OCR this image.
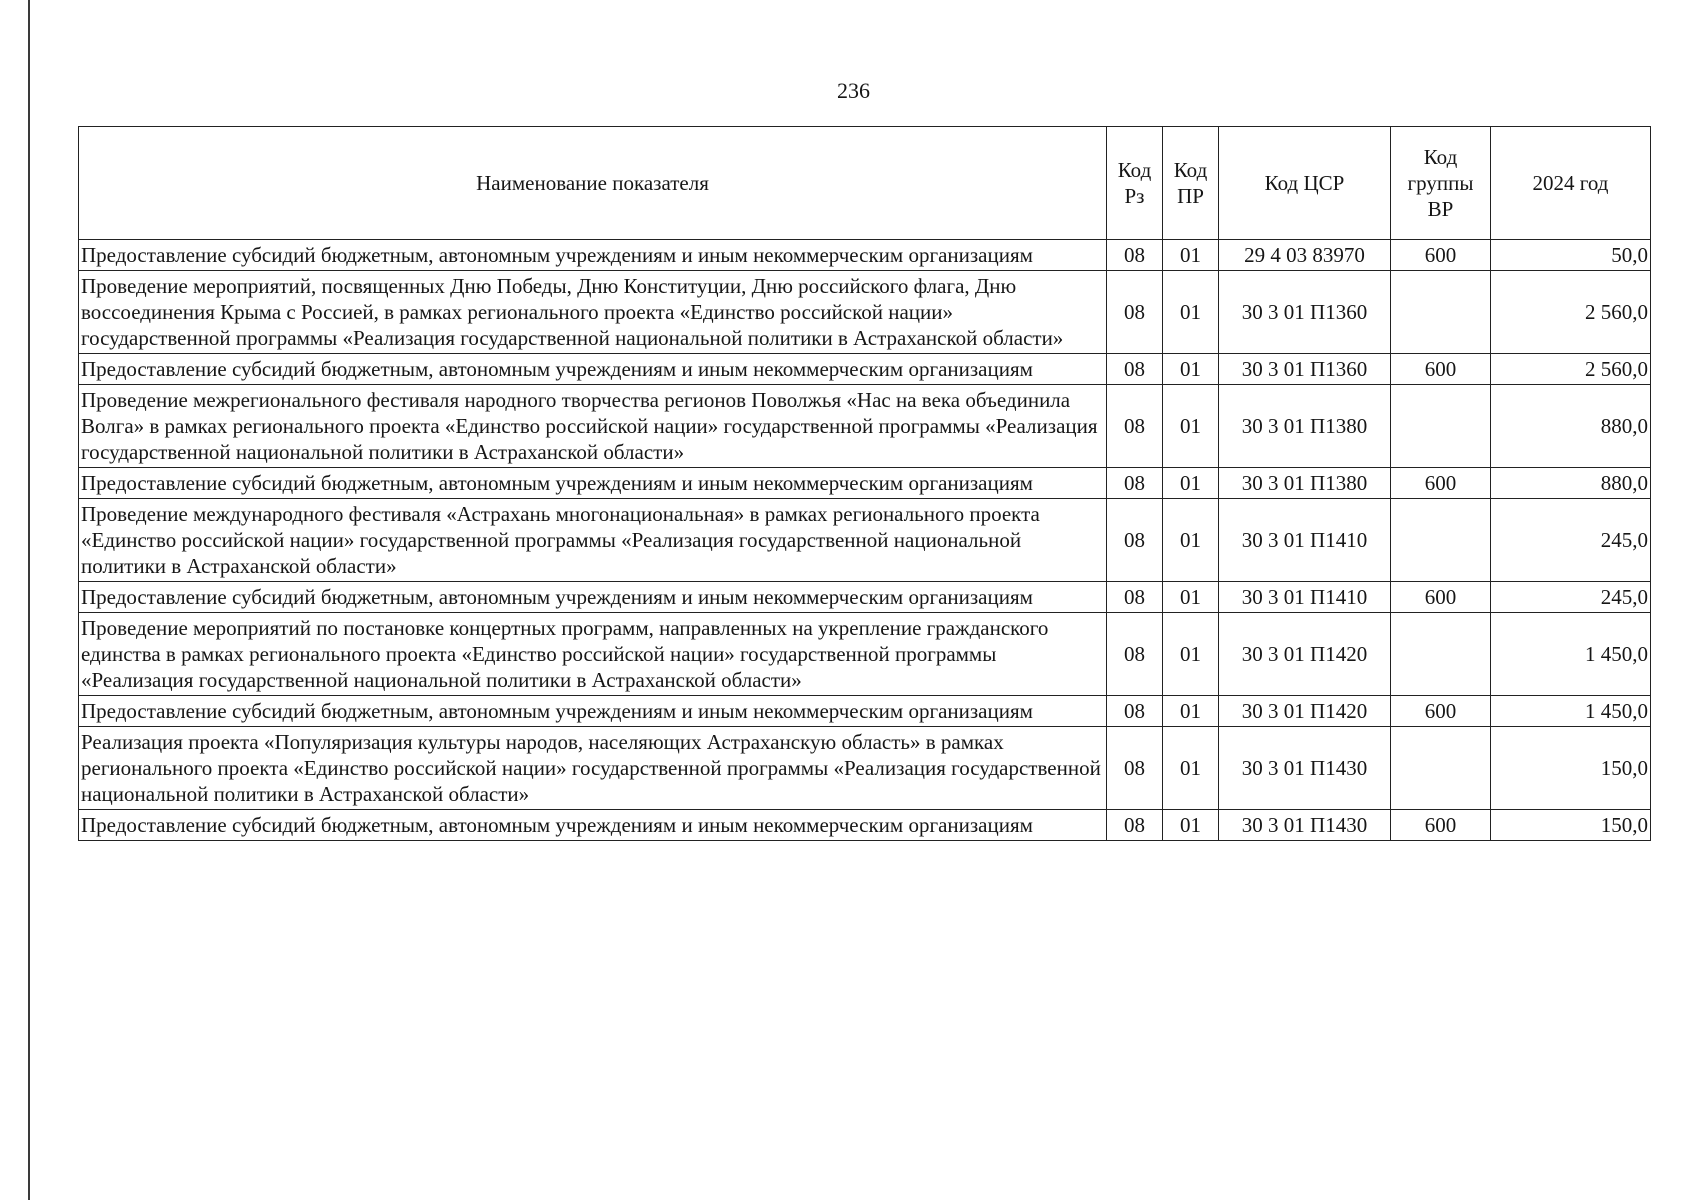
236
Наименование показателя	Код Рз	Код ПР	Код ЦСР	Код группы ВР	2024 год
Предоставление субсидий бюджетным, автономным учреждениям и иным некоммерческим организациям	08	01	29 4 03 83970	600	50,0
Проведение мероприятий, посвященных Дню Победы, Дню Конституции, Дню российского флага, Дню воссоединения Крыма с Россией, в рамках регионального проекта «Единство российской нации» государственной программы «Реализация государственной национальной политики в Астраханской области»	08	01	30 3 01 П1360		2 560,0
Предоставление субсидий бюджетным, автономным учреждениям и иным некоммерческим организациям	08	01	30 3 01 П1360	600	2 560,0
Проведение межрегионального фестиваля народного творчества регионов Поволжья «Нас на века объединила Волга» в рамках регионального проекта «Единство российской нации» государственной программы «Реализация государственной национальной политики в Астраханской области»	08	01	30 3 01 П1380		880,0
Предоставление субсидий бюджетным, автономным учреждениям и иным некоммерческим организациям	08	01	30 3 01 П1380	600	880,0
Проведение международного фестиваля «Астрахань многонациональная» в рамках регионального проекта «Единство российской нации» государственной программы «Реализация государственной национальной политики в Астраханской области»	08	01	30 3 01 П1410		245,0
Предоставление субсидий бюджетным, автономным учреждениям и иным некоммерческим организациям	08	01	30 3 01 П1410	600	245,0
Проведение мероприятий по постановке концертных программ, направленных на укрепление гражданского единства в рамках регионального проекта «Единство российской нации» государственной программы «Реализация государственной национальной политики в Астраханской области»	08	01	30 3 01 П1420		1 450,0
Предоставление субсидий бюджетным, автономным учреждениям и иным некоммерческим организациям	08	01	30 3 01 П1420	600	1 450,0
Реализация проекта «Популяризация культуры народов, населяющих Астраханскую область» в рамках регионального проекта «Единство российской нации» государственной программы «Реализация государственной национальной политики в Астраханской области»	08	01	30 3 01 П1430		150,0
Предоставление субсидий бюджетным, автономным учреждениям и иным некоммерческим организациям	08	01	30 3 01 П1430	600	150,0
